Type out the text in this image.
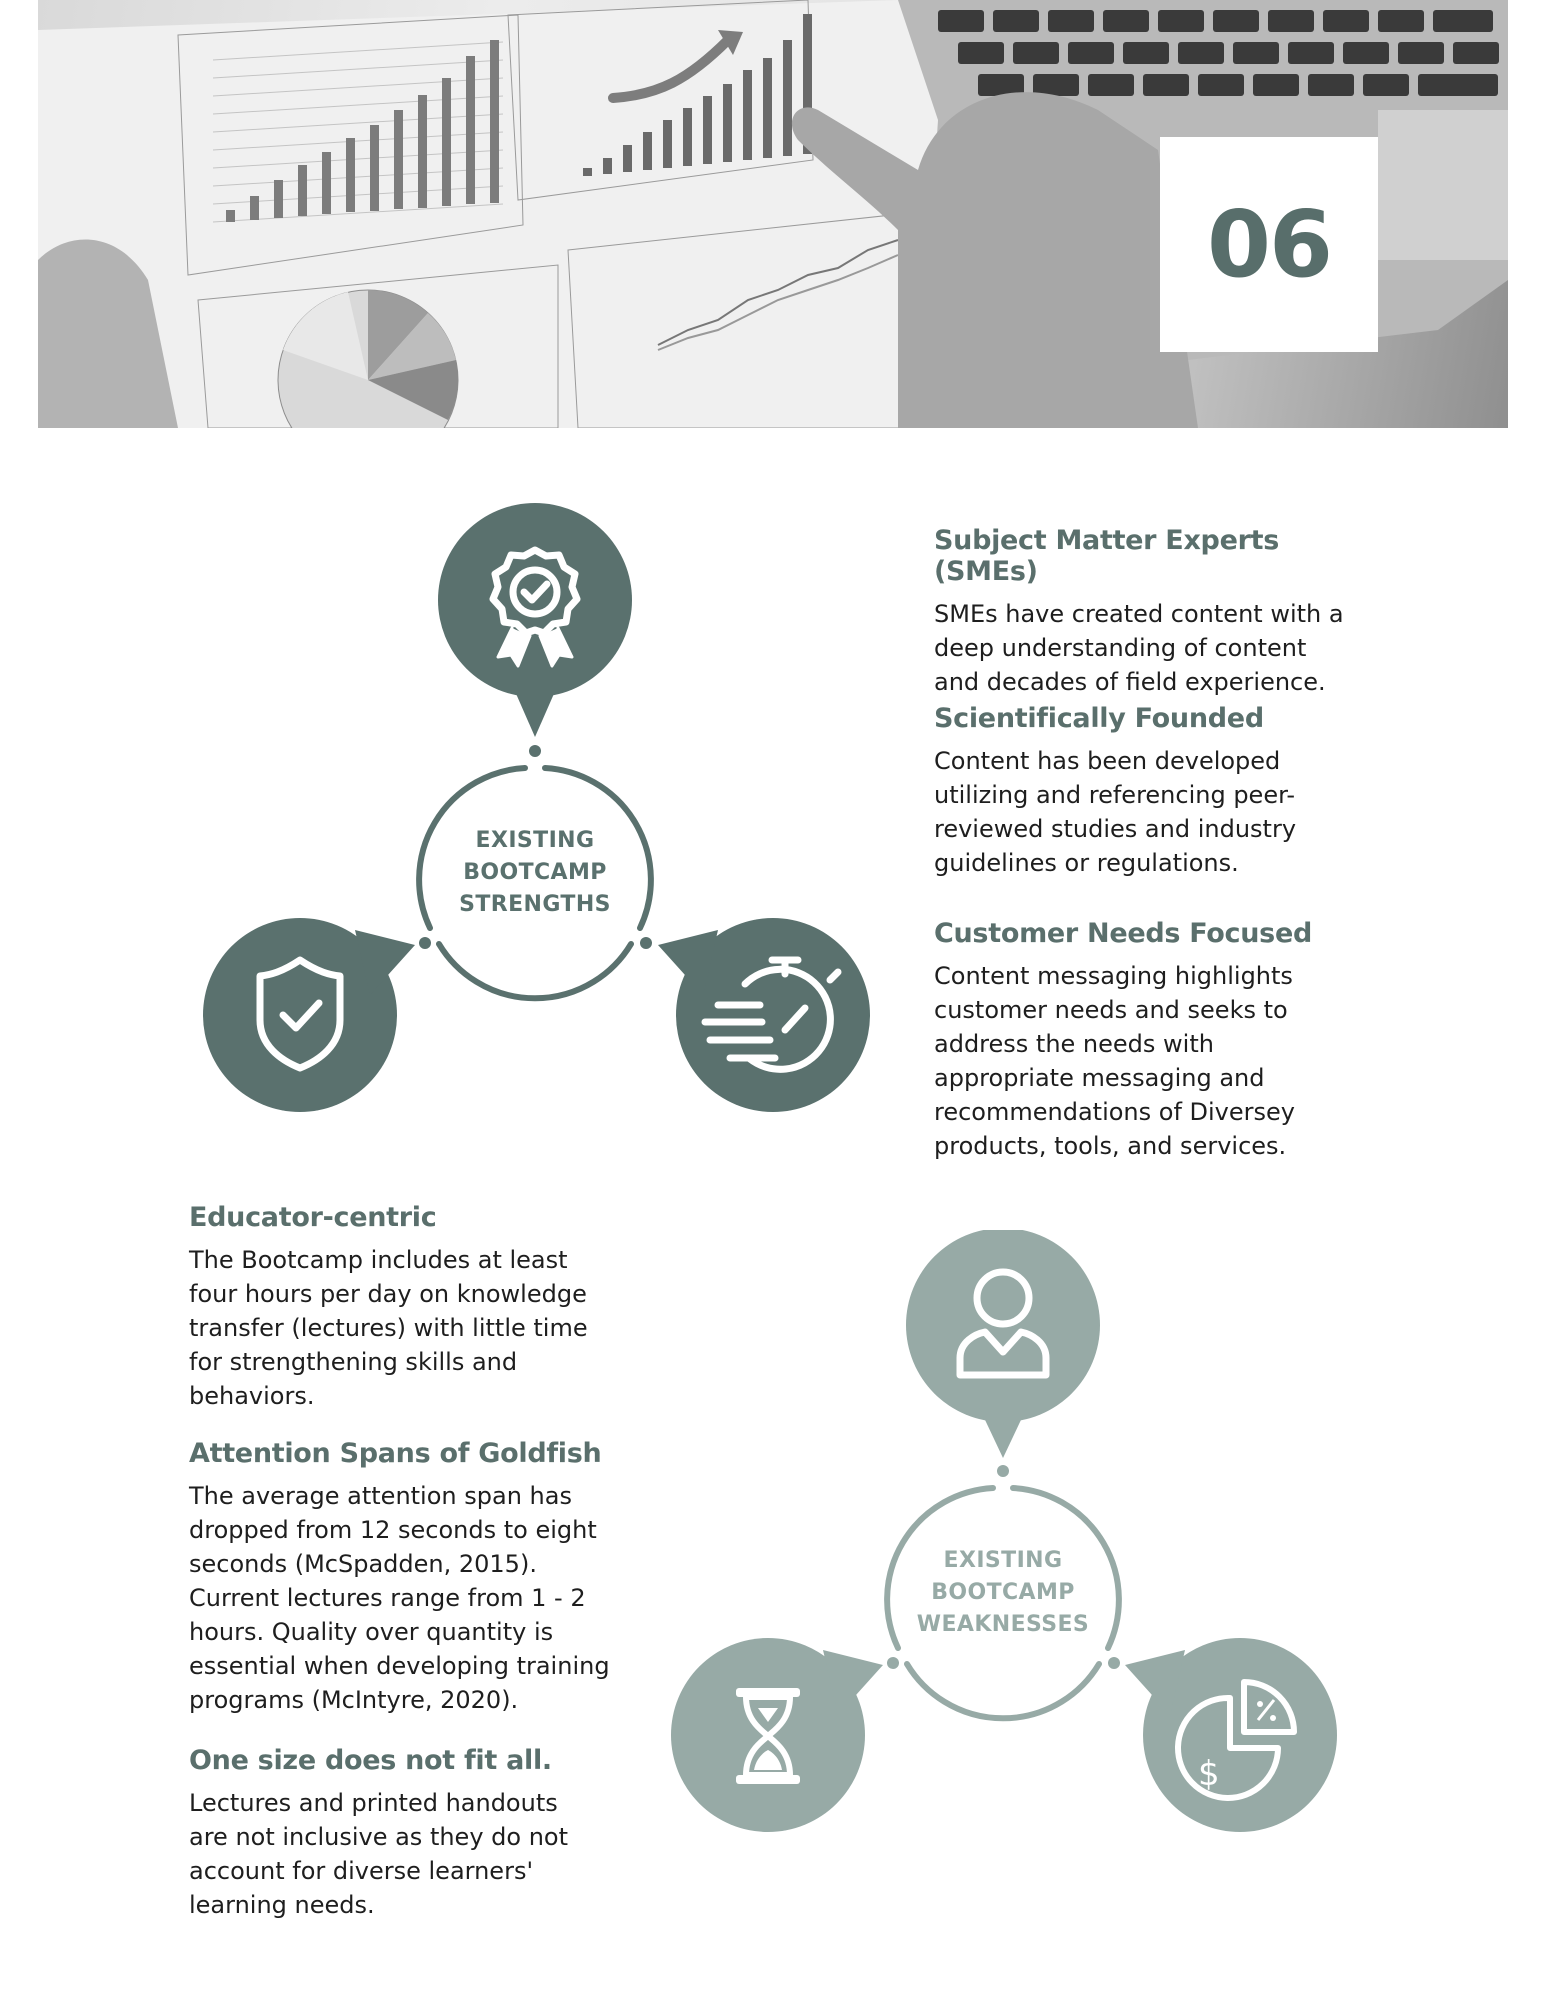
06
EXISTING
BOOTCAMP
STRENGTHS
Subject Matter Experts (SMEs)

SMEs have created content with a
deep understanding of content
and decades of field experience.

Scientifically Founded

Content has been developed
utilizing and referencing peer-
reviewed studies and industry
guidelines or regulations.

Customer Needs Focused

Content messaging highlights
customer needs and seeks to
address the needs with
appropriate messaging and
recommendations of Diversey
products, tools, and services.

Educator-centric

The Bootcamp includes at least
four hours per day on knowledge
transfer (lectures) with little time
for strengthening skills and
behaviors.

Attention Spans of Goldfish

The average attention span has
dropped from 12 seconds to eight
seconds (McSpadden, 2015).
Current lectures range from 1 - 2
hours. Quality over quantity is
essential when developing training
programs (McIntyre, 2020).

One size does not fit all.

Lectures and printed handouts
are not inclusive as they do not
account for diverse learners'
learning needs.

$
EXISTING
BOOTCAMP
WEAKNESSES
